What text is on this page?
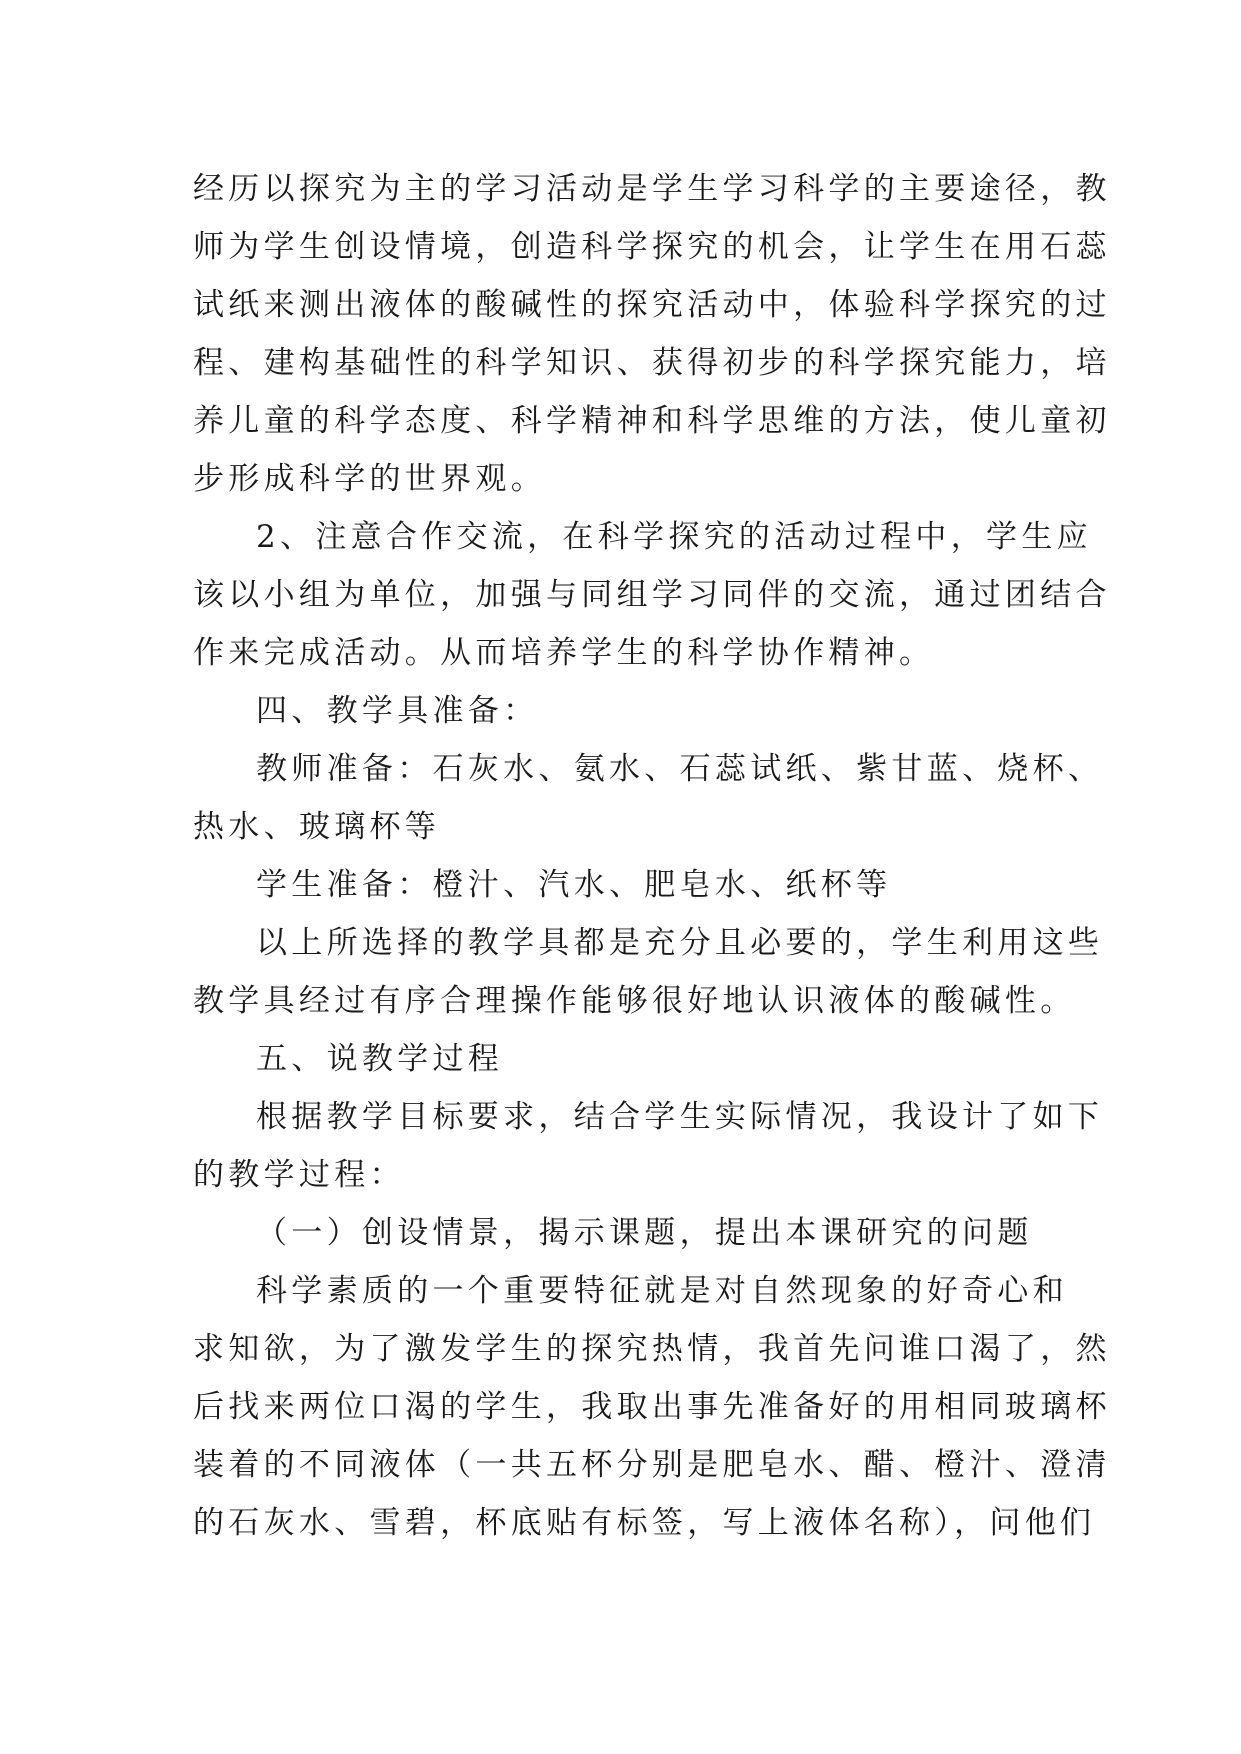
经历以探究为主的学习活动是学生学习科学的主要途径，教
师为学生创设情境，创造科学探究的机会，让学生在用石蕊
试纸来测出液体的酸碱性的探究活动中，体验科学探究的过
程、建构基础性的科学知识、获得初步的科学探究能力，培
养儿童的科学态度、科学精神和科学思维的方法，使儿童初
步形成科学的世界观。
2、注意合作交流，在科学探究的活动过程中，学生应
该以小组为单位，加强与同组学习同伴的交流，通过团结合
作来完成活动。从而培养学生的科学协作精神。
四、教学具准备：
教师准备：石灰水、氨水、石蕊试纸、紫甘蓝、烧杯、
热水、玻璃杯等
学生准备：橙汁、汽水、肥皂水、纸杯等
以上所选择的教学具都是充分且必要的，学生利用这些
教学具经过有序合理操作能够很好地认识液体的酸碱性。
五、说教学过程
根据教学目标要求，结合学生实际情况，我设计了如下
的教学过程：
（一）创设情景，揭示课题，提出本课研究的问题
科学素质的一个重要特征就是对自然现象的好奇心和
求知欲，为了激发学生的探究热情，我首先问谁口渴了，然
后找来两位口渴的学生，我取出事先准备好的用相同玻璃杯
装着的不同液体（一共五杯分别是肥皂水、醋、橙汁、澄清
的石灰水、雪碧，杯底贴有标签，写上液体名称），问他们
